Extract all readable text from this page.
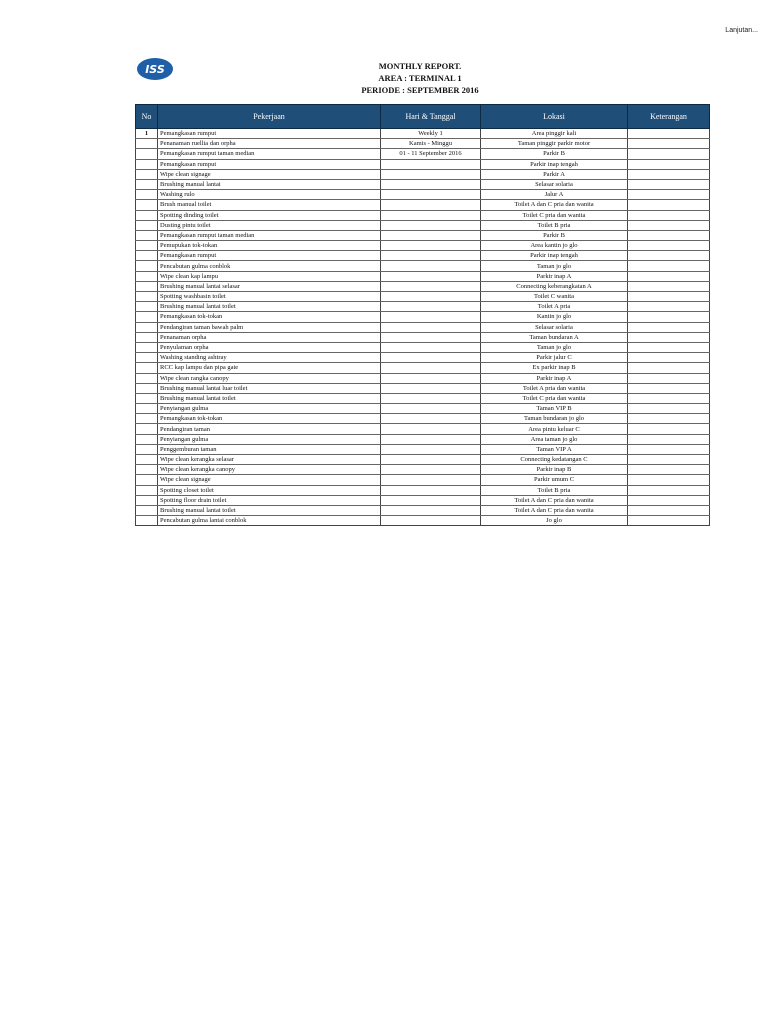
Lanjutan...
ISS	MONTHLY REPORT.
AREA : TERMINAL 1
PERIODE : SEPTEMBER 2016
No	Pekerjaan	Hari & Tanggal	Lokasi	Keterangan
1	Pemangkasan rumput	Weekly 1	Area pinggir kali	
	Penanaman ruellia dan orpha	Kamis - Minggu	Taman pinggir parkir motor	
	Pemangkasan rumput taman median	01 - 11 September 2016	Parkir B	
	Pemangkasan rumput		Parkir inap tengah	
	Wipe clean signage		Parkir A	
	Brushing manual lantai		Selasar solaria	
	Washing rulo		Jalur A	
	Brush manual toilet		Toilet A dan C pria dan wanita	
	Spotting dinding toilet		Toilet C pria dan wanita	
	Dusting pintu toilet		Toilet B pria	
	Pemangkasan rumput taman median		Parkir B	
	Pemupukan tok-tokan		Area kantin jo glo	
	Pemangkasan rumput		Parkir inap tengah	
	Pencabutan gulma conblok		Taman jo glo	
	Wipe clean kap lampu		Parkir inap A	
	Brushing manual lantai selasar		Connecting keberangkatan A	
	Spotting washbasin toilet		Toilet C wanita	
	Brushing manual lantai toilet		Toilet A pria	
	Pemangkasan tok-tokan		Kantin jo glo	
	Pendangiran taman bawah palm		Selasar solaria	
	Penanaman orpha		Taman bundaran A	
	Penyulaman orpha		Taman jo glo	
	Washing standing ashtray		Parkir jalur C	
	RCC kap lampu dan pipa gate		Ex parkir inap B	
	Wipe clean rangka canopy		Parkir inap A	
	Brushing manual lantai luar toilet		Toilet A pria dan wanita	
	Brushing manual lantai toilet		Toilet C pria dan wanita	
	Penyiangan gulma		Taman VIP B	
	Pemangkasan tok-tokan		Taman bundaran jo glo	
	Pendangiran taman		Area pintu keluar C	
	Penyiangan gulma		Area taman jo glo	
	Penggemburan taman		Taman VIP A	
	Wipe clean kerangka selasar		Connecting kedatangan C	
	Wipe clean kerangka canopy		Parkir inap B	
	Wipe clean signage		Parkir umum C	
	Spotting closet toilet		Toilet B pria	
	Spotting floor drain toilet		Toilet A dan C pria dan wanita	
	Brushing manual lantai toilet		Toilet A dan C pria dan wanita	
	Pencabutan gulma lantai conblok		Jo glo	
